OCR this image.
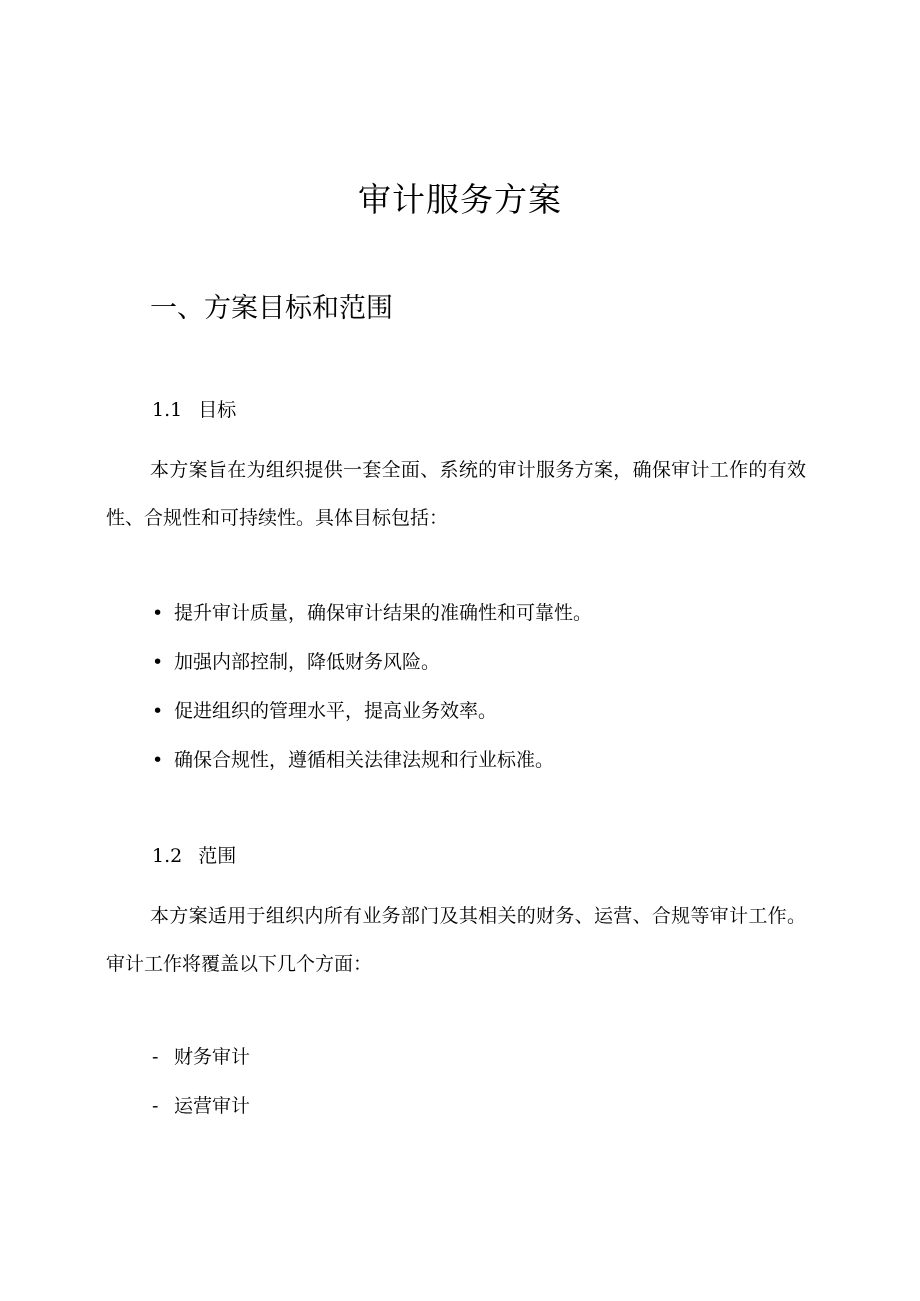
审计服务方案
一、方案目标和范围
1.1 目标

本方案旨在为组织提供一套全面、系统的审计服务方案，确保审计工作的有效性、合规性和可持续性。具体目标包括：

• 提升审计质量，确保审计结果的准确性和可靠性。
• 加强内部控制，降低财务风险。
• 促进组织的管理水平，提高业务效率。
• 确保合规性，遵循相关法律法规和行业标准。
1.2 范围

本方案适用于组织内所有业务部门及其相关的财务、运营、合规等审计工作。审计工作将覆盖以下几个方面：

- 财务审计
- 运营审计
